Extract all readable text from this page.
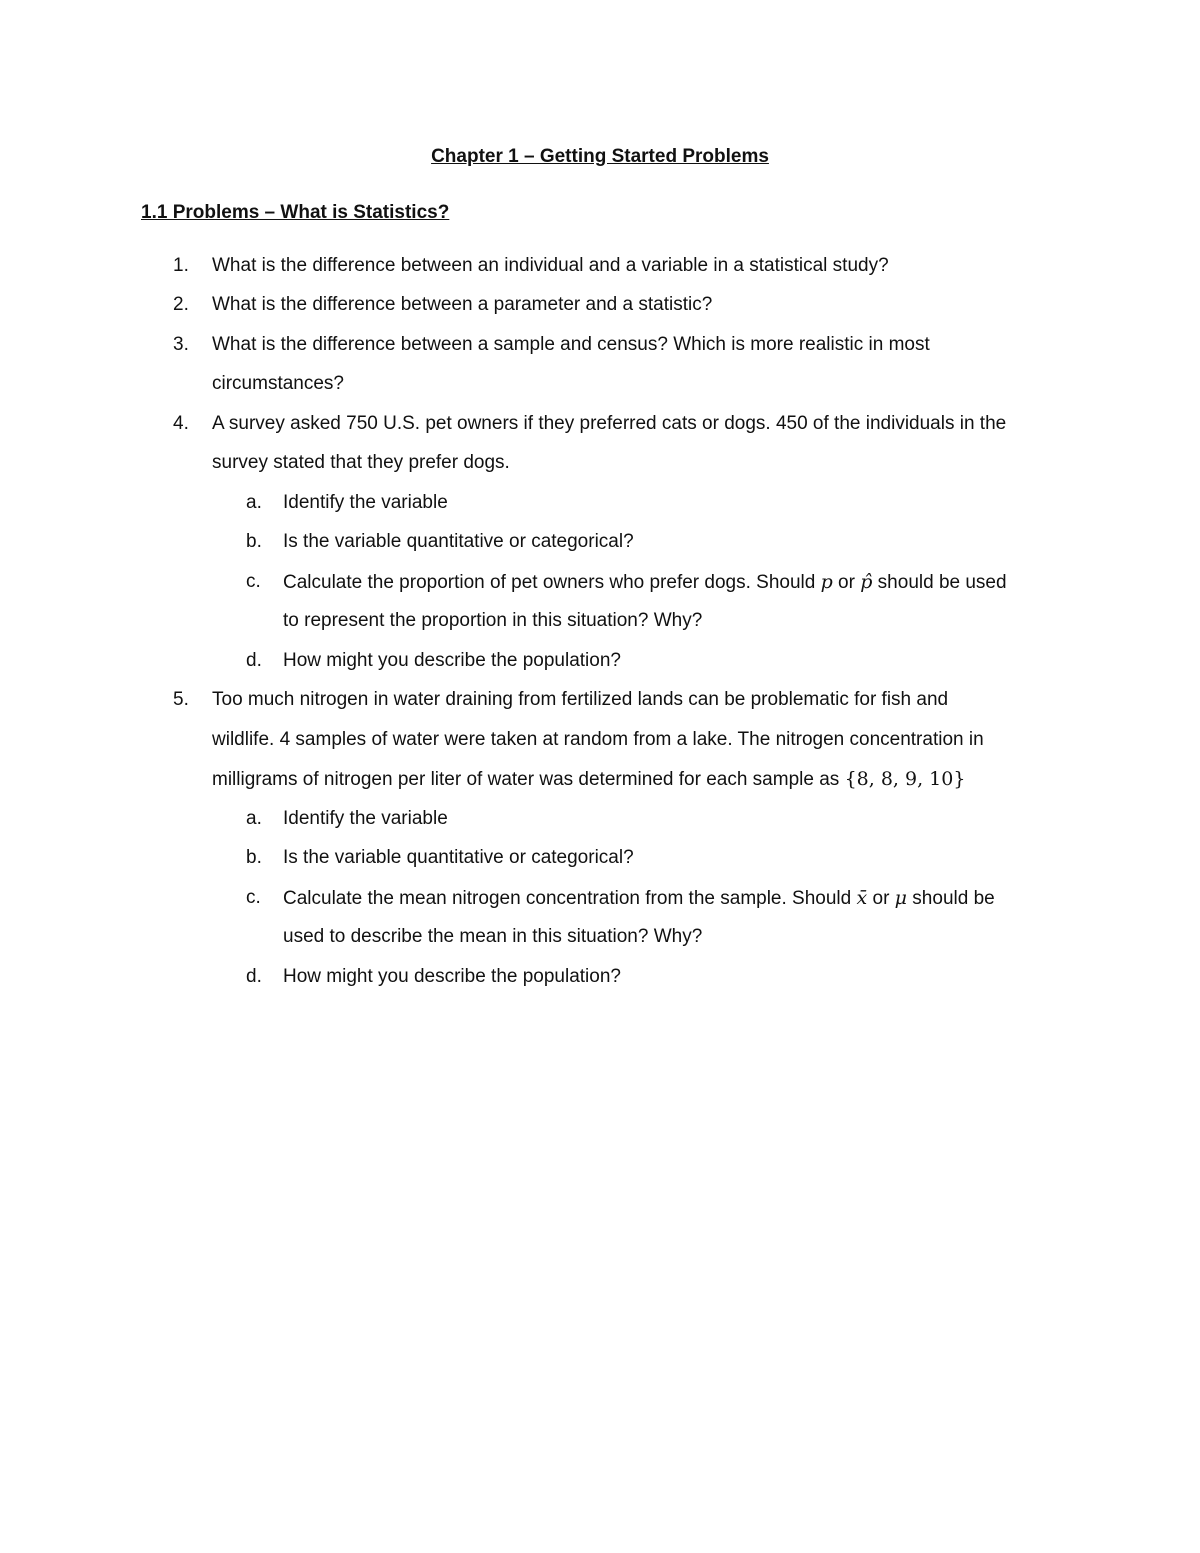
Chapter 1 – Getting Started Problems
1.1 Problems – What is Statistics?
1. What is the difference between an individual and a variable in a statistical study?
2. What is the difference between a parameter and a statistic?
3. What is the difference between a sample and census? Which is more realistic in most
circumstances?
4. A survey asked 750 U.S. pet owners if they preferred cats or dogs. 450 of the individuals in the
survey stated that they prefer dogs.
a. Identify the variable
b. Is the variable quantitative or categorical?
c. Calculate the proportion of pet owners who prefer dogs. Should p or p̂ should be used
to represent the proportion in this situation? Why?
d. How might you describe the population?
5. Too much nitrogen in water draining from fertilized lands can be problematic for fish and
wildlife. 4 samples of water were taken at random from a lake. The nitrogen concentration in
milligrams of nitrogen per liter of water was determined for each sample as {8, 8, 9, 10}
a. Identify the variable
b. Is the variable quantitative or categorical?
c. Calculate the mean nitrogen concentration from the sample. Should x̄ or μ should be
used to describe the mean in this situation? Why?
d. How might you describe the population?
